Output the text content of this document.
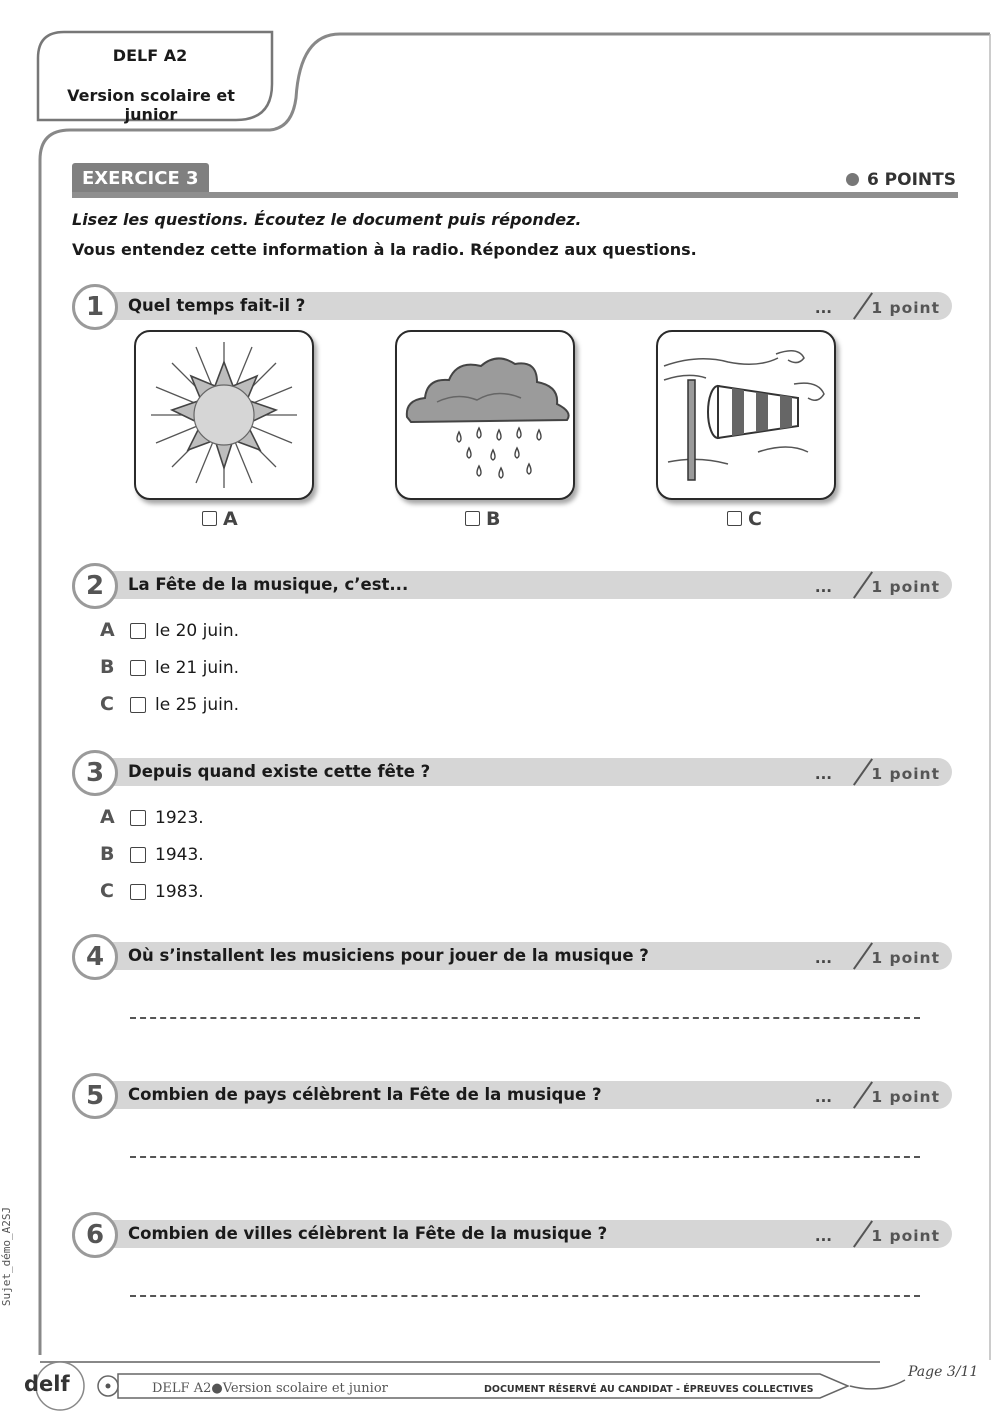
DELF A2
Version scolaire et junior
EXERCICE 3	6 POINTS
Lisez les questions. Écoutez le document puis répondez.
Vous entendez cette information à la radio. Répondez aux questions.
1	Quel temps fait-il ?	...	1 point
A	B	C
2	La Fête de la musique, c’est...	...	1 point
A le 20 juin.
B le 21 juin.
C le 25 juin.
3	Depuis quand existe cette fête ?	...	1 point
A 1923.
B 1943.
C 1983.
4	Où s’installent les musiciens pour jouer de la musique ?	...	1 point
5	Combien de pays célèbrent la Fête de la musique ?	...	1 point
6	Combien de villes célèbrent la Fête de la musique ?	...	1 point
Sujet_démo_A2SJ
delf	DELF A2●Version scolaire et junior	DOCUMENT RÉSERVÉ AU CANDIDAT - ÉPREUVES COLLECTIVES
Page 3/11
